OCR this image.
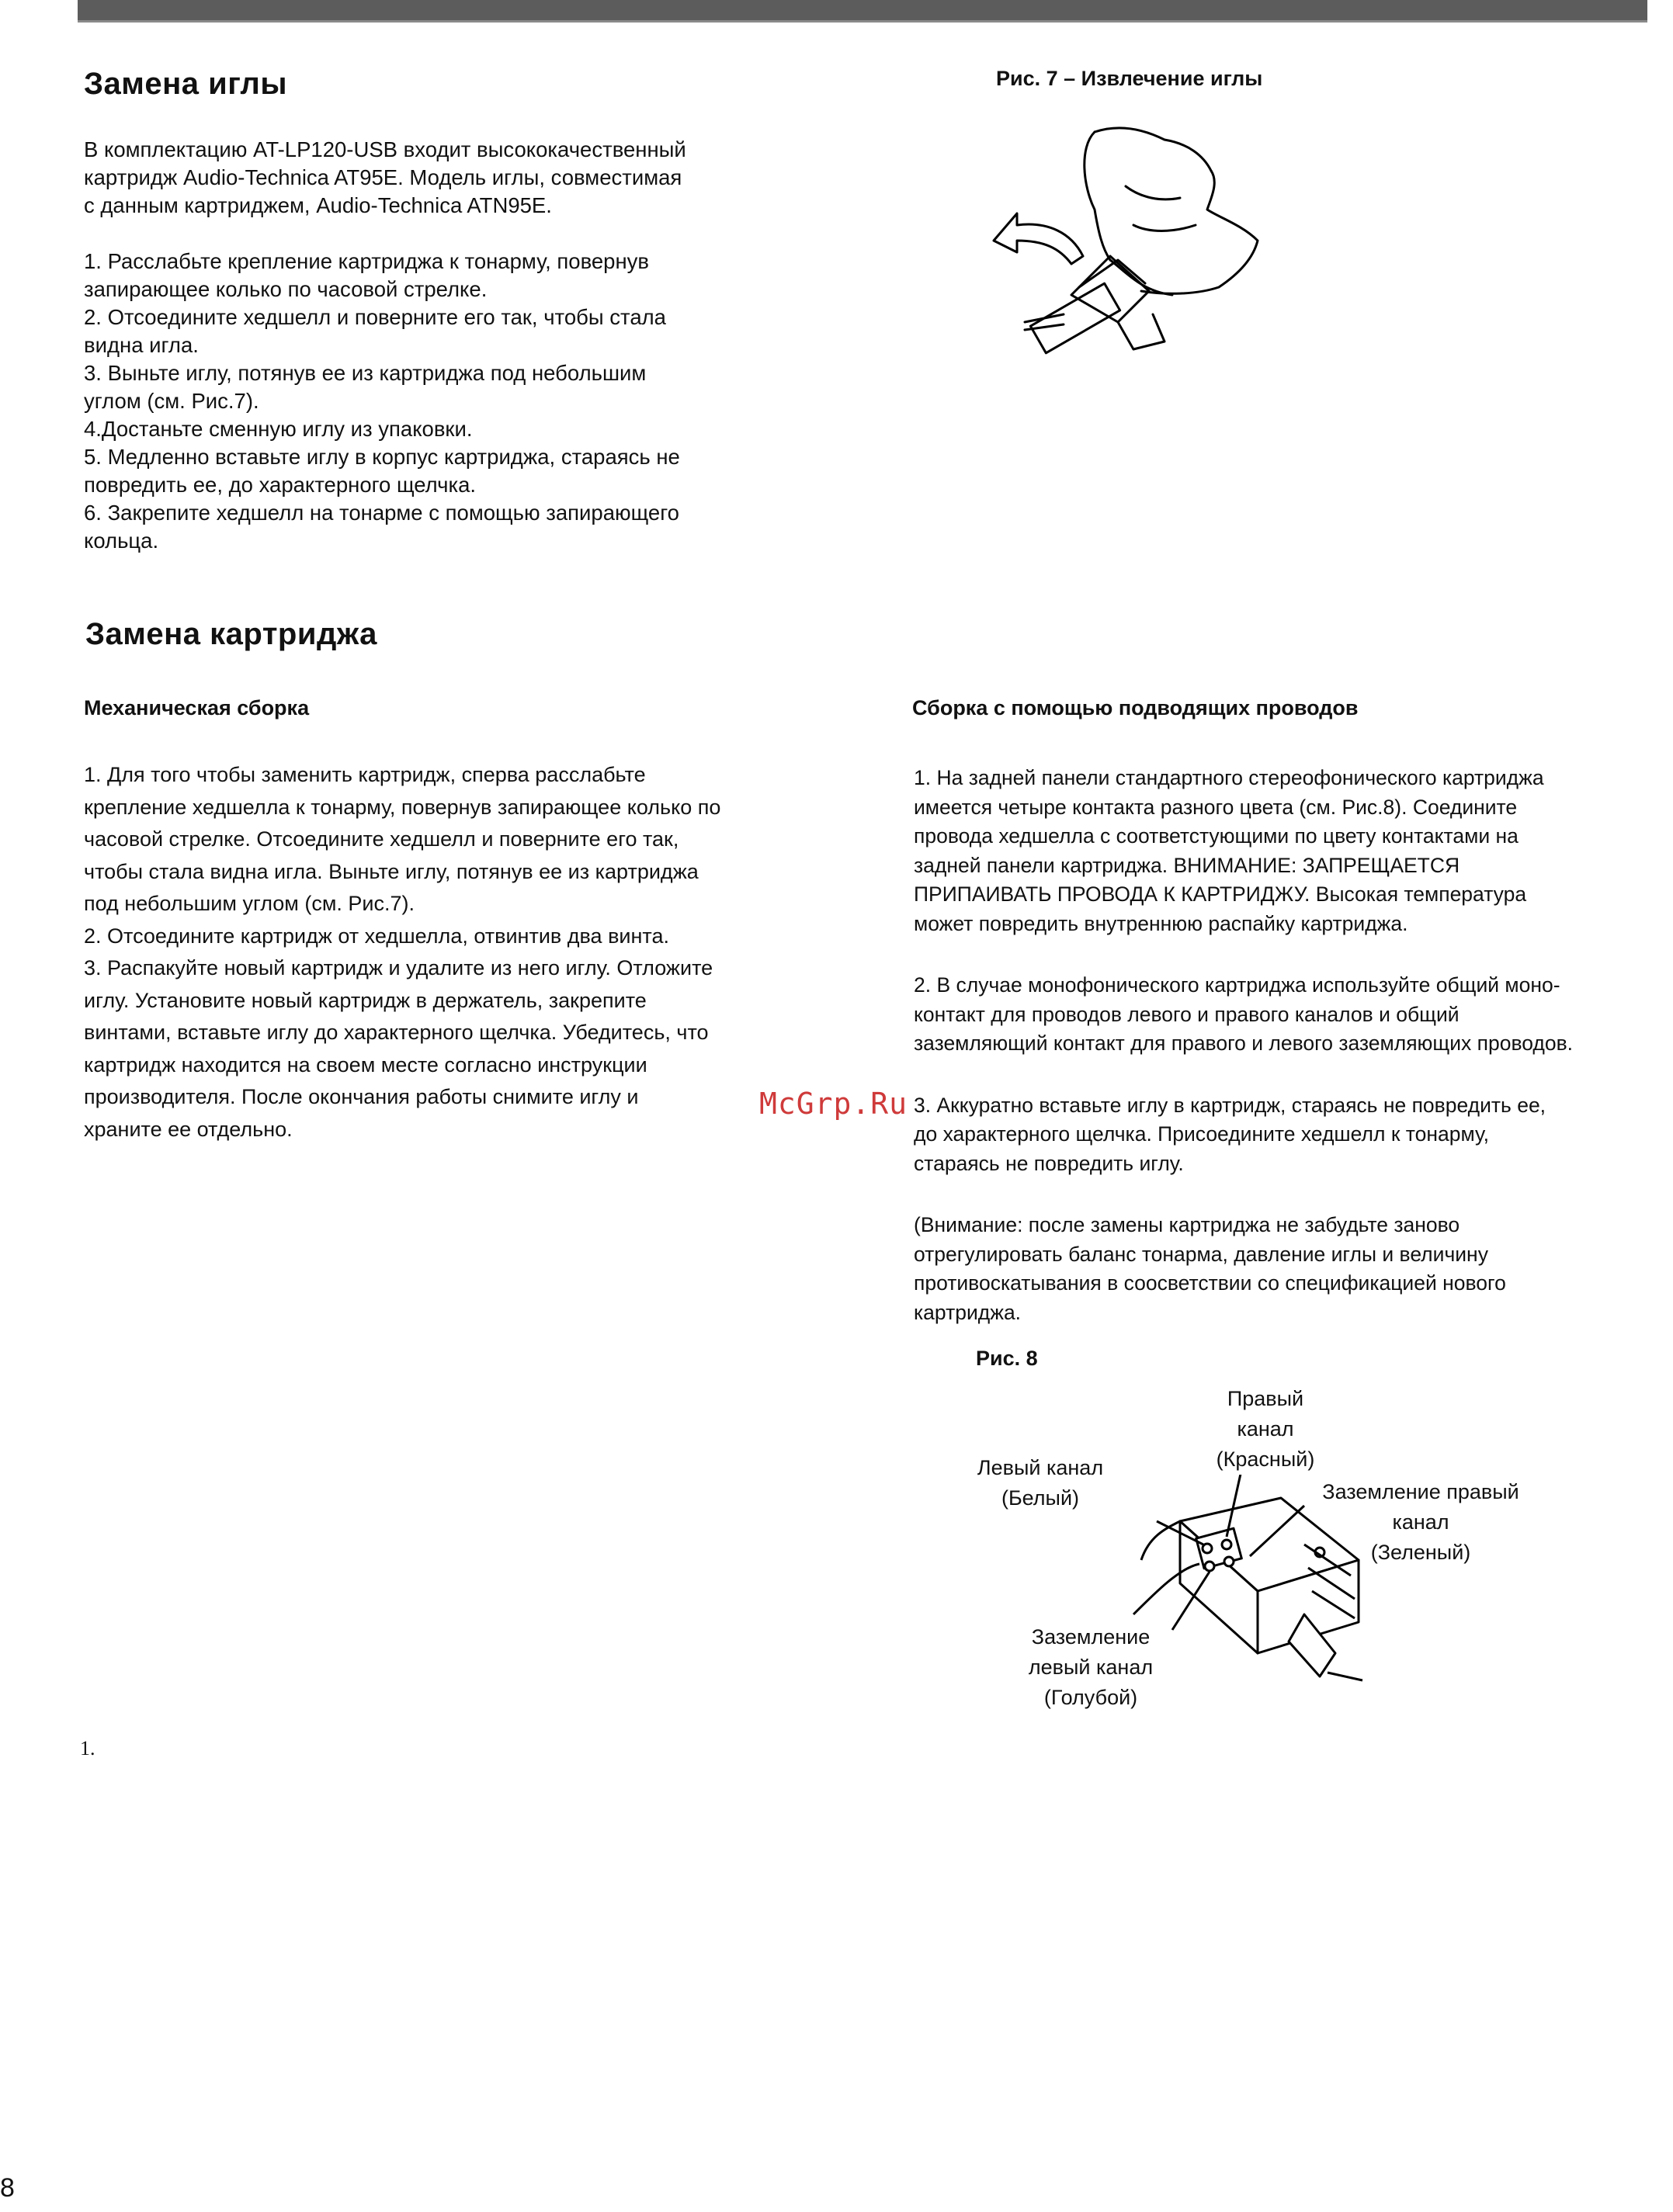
Замена иглы

В комплектацию AT-LP120-USB входит высококачественный

картридж Audio-Technica AT95E. Модель иглы, совместимая

с данным картриджем, Audio-Technica ATN95E.

1. Расслабьте крепление картриджа к тонарму, повернув

запирающее колько по часовой стрелке.

2. Отсоедините хедшелл и поверните его так, чтобы стала

видна игла.

3. Выньте иглу, потянув ее из картриджа под небольшим

углом (см. Рис.7).

4.Достаньте сменную иглу из упаковки.

5. Медленно вставьте иглу в корпус картриджа, стараясь не

повредить ее, до характерного щелчка.

6. Закрепите хедшелл на тонарме с помощью запирающего

кольца.

Рис. 7 – Извлечение иглы
Замена картриджа
Механическая сборка
1. Для того чтобы заменить картридж, сперва расслабьте
крепление хедшелла к тонарму, повернув запирающее колько по
часовой стрелке. Отсоедините хедшелл и поверните его так,
чтобы стала видна игла. Выньте иглу, потянув ее из картриджа
под небольшим углом (см. Рис.7).
2. Отсоедините картридж от хедшелла, отвинтив два винта.
3. Распакуйте новый картридж и удалите из него иглу. Отложите
иглу. Установите новый картридж в держатель, закрепите
винтами, вставьте иглу до характерного щелчка. Убедитесь, что
картридж находится на своем месте согласно инструкции
производителя. После окончания работы снимите иглу и
храните ее отдельно.
Сборка с помощью подводящих проводов

1. На задней панели стандартного стереофонического картриджа

имеется четыре контакта разного цвета (см. Рис.8). Соедините

провода хедшелла с соответстующими по цвету контактами на

задней панели картриджа. ВНИМАНИЕ: ЗАПРЕЩАЕТСЯ

ПРИПАИВАТЬ ПРОВОДА К КАРТРИДЖУ. Высокая температура

может повредить внутреннюю распайку картриджа.

2. В случае монофонического картриджа используйте общий моно-

контакт для проводов левого и правого каналов и общий

заземляющий контакт для правого и левого заземляющих проводов.

3. Аккуратно вставьте иглу в картридж, стараясь не повредить ее,

до характерного щелчка. Присоедините хедшелл к тонарму,

стараясь не повредить иглу.

(Внимание: после замены картриджа не забудьте заново

отрегулировать баланс тонарма, давление иглы и величину

противоскатывания в соосветствии со спецификацией нового

картриджа.

Рис. 8
Правый
канал
(Красный)
Левый канал
(Белый)	Заземление правый
канал
(Зеленый)
Заземление
левый канал
(Голубой)
McGrp.Ru
1.
8
